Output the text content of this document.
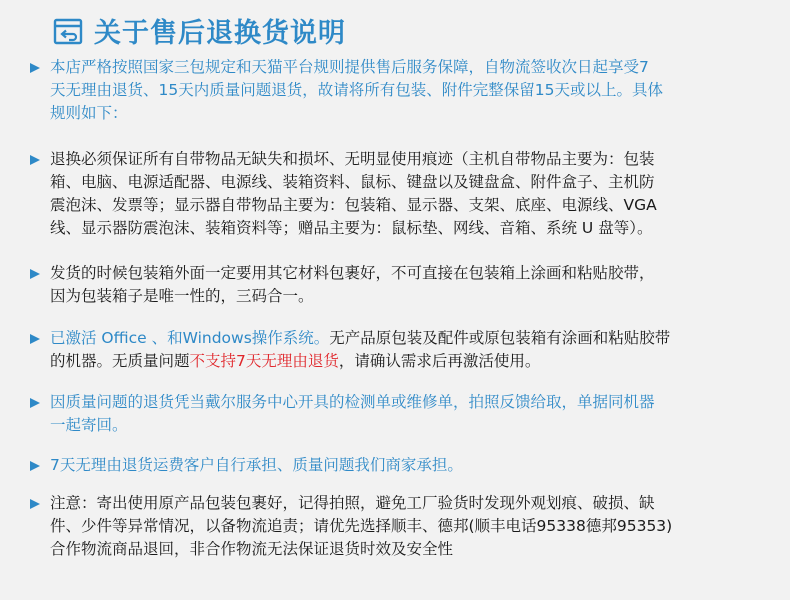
关于售后退换货说明
本店严格按照国家三包规定和天猫平台规则提供售后服务保障，自物流签收次日起享受7
天无理由退货、15天内质量问题退货，故请将所有包装、附件完整保留15天或以上。具体
规则如下：
退换必须保证所有自带物品无缺失和损坏、无明显使用痕迹（主机自带物品主要为：包装
箱、电脑、电源适配器、电源线、装箱资料、鼠标、键盘以及键盘盒、附件盒子、主机防
震泡沫、发票等；显示器自带物品主要为：包装箱、显示器、支架、底座、电源线、VGA
线、显示器防震泡沫、装箱资料等；赠品主要为：鼠标垫、网线、音箱、系统 U 盘等）。
发货的时候包装箱外面一定要用其它材料包裹好，不可直接在包装箱上涂画和粘贴胶带，
因为包装箱子是唯一性的，三码合一。
已激活 Office 、和Windows操作系统。无产品原包装及配件或原包装箱有涂画和粘贴胶带
的机器。无质量问题不支持7天无理由退货，请确认需求后再激活使用。
因质量问题的退货凭当戴尔服务中心开具的检测单或维修单，拍照反馈给取，单据同机器
一起寄回。
7天无理由退货运费客户自行承担、质量问题我们商家承担。
注意：寄出使用原产品包装包裹好，记得拍照，避免工厂验货时发现外观划痕、破损、缺
件、少件等异常情况，以备物流追责；请优先选择顺丰、德邦(顺丰电话95338德邦95353)
合作物流商品退回，非合作物流无法保证退货时效及安全性
